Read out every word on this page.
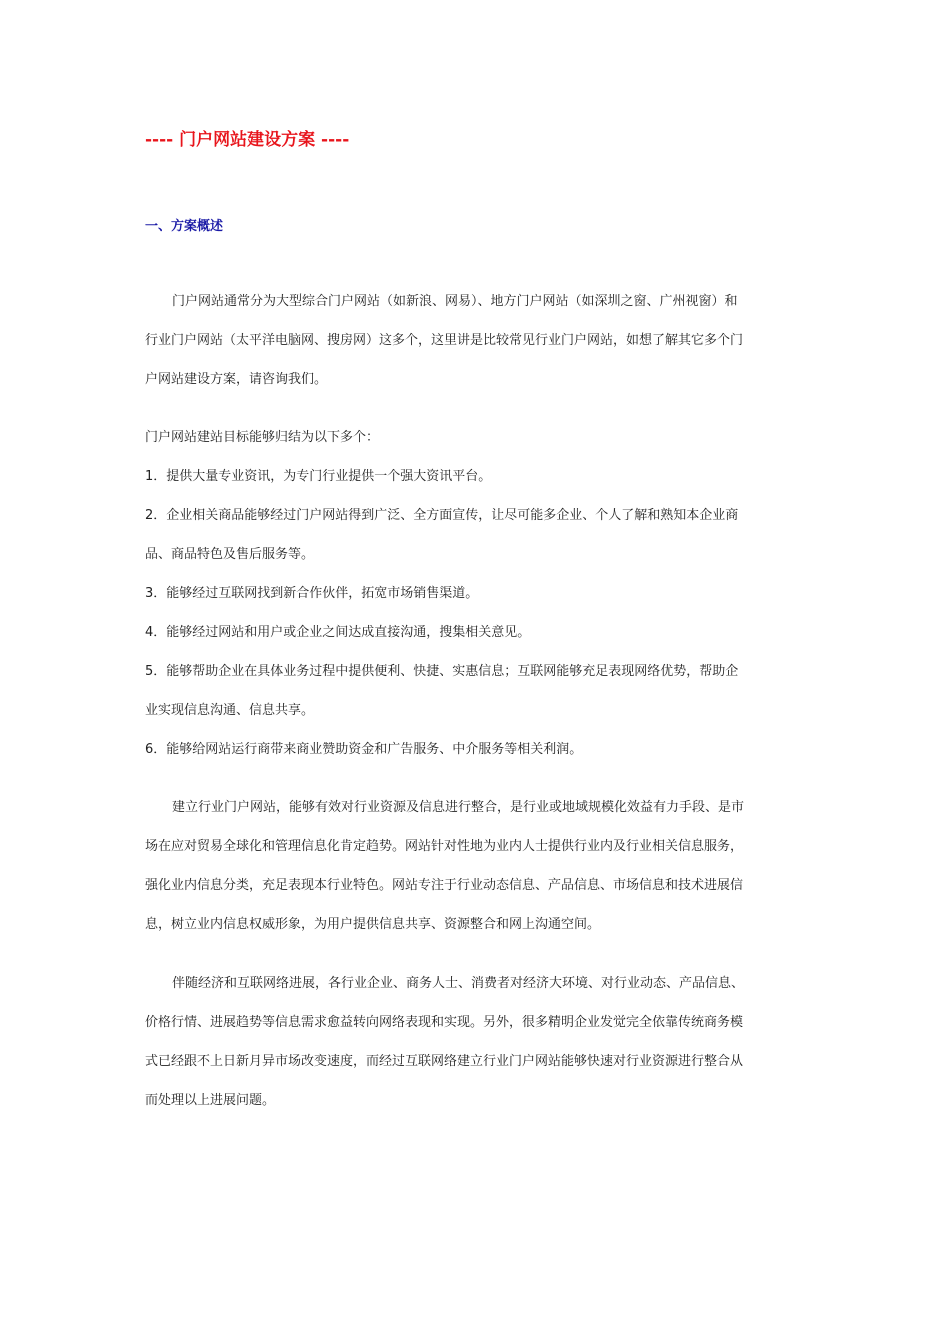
---- 门户网站建设方案 ----
一、方案概述
门户网站通常分为大型综合门户网站（如新浪、网易）、地方门户网站（如深圳之窗、广州视窗）和
行业门户网站（太平洋电脑网、搜房网）这多个，这里讲是比较常见行业门户网站，如想了解其它多个门
户网站建设方案，请咨询我们。
门户网站建站目标能够归结为以下多个：
1．提供大量专业资讯，为专门行业提供一个强大资讯平台。
2．企业相关商品能够经过门户网站得到广泛、全方面宣传，让尽可能多企业、个人了解和熟知本企业商
品、商品特色及售后服务等。
3．能够经过互联网找到新合作伙伴，拓宽市场销售渠道。
4．能够经过网站和用户或企业之间达成直接沟通，搜集相关意见。
5．能够帮助企业在具体业务过程中提供便利、快捷、实惠信息；互联网能够充足表现网络优势，帮助企
业实现信息沟通、信息共享。
6．能够给网站运行商带来商业赞助资金和广告服务、中介服务等相关利润。
建立行业门户网站，能够有效对行业资源及信息进行整合，是行业或地域规模化效益有力手段、是市
场在应对贸易全球化和管理信息化肯定趋势。网站针对性地为业内人士提供行业内及行业相关信息服务，
强化业内信息分类，充足表现本行业特色。网站专注于行业动态信息、产品信息、市场信息和技术进展信
息，树立业内信息权威形象，为用户提供信息共享、资源整合和网上沟通空间。
伴随经济和互联网络进展，各行业企业、商务人士、消费者对经济大环境、对行业动态、产品信息、
价格行情、进展趋势等信息需求愈益转向网络表现和实现。另外，很多精明企业发觉完全依靠传统商务模
式已经跟不上日新月异市场改变速度，而经过互联网络建立行业门户网站能够快速对行业资源进行整合从
而处理以上进展问题。
